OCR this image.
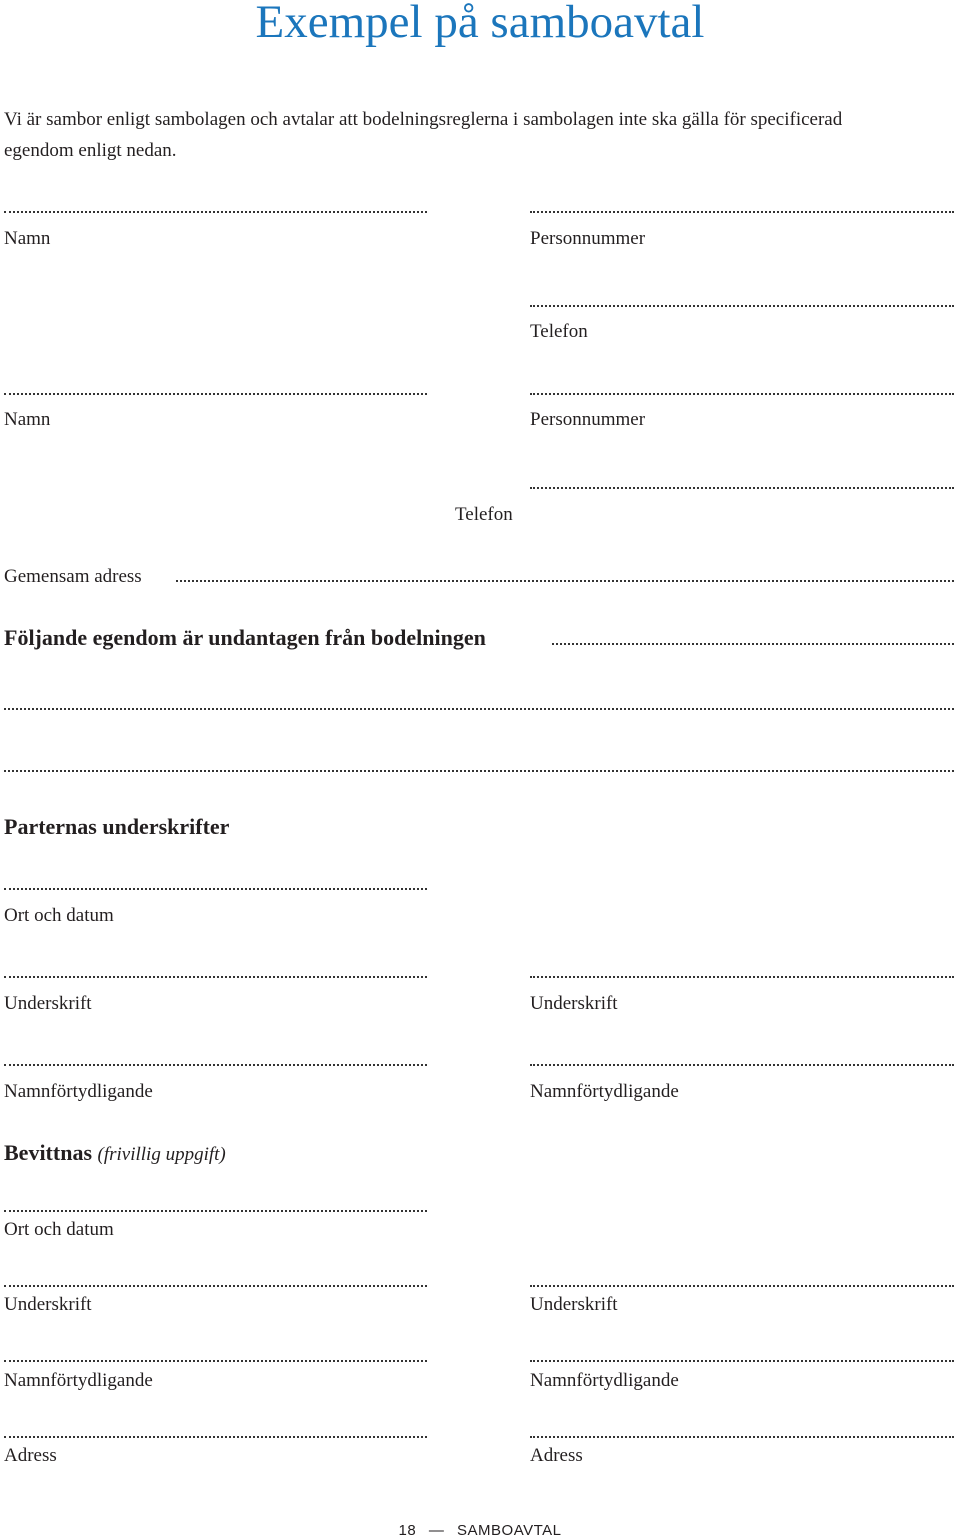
Exempel på samboavtal
Vi är sambor enligt sambolagen och avtalar att bodelningsreglerna i sambolagen inte ska gälla för specificerad egendom enligt nedan.
Namn	Personnummer
Telefon
Namn	Personnummer
Telefon
Gemensam adress
Följande egendom är undantagen från bodelningen
Parternas underskrifter
Ort och datum
Underskrift	Underskrift
Namnförtydligande	Namnförtydligande
Bevittnas (frivillig uppgift)
Ort och datum
Underskrift	Underskrift
Namnförtydligande	Namnförtydligande
Adress	Adress
18 — SAMBOAVTAL
